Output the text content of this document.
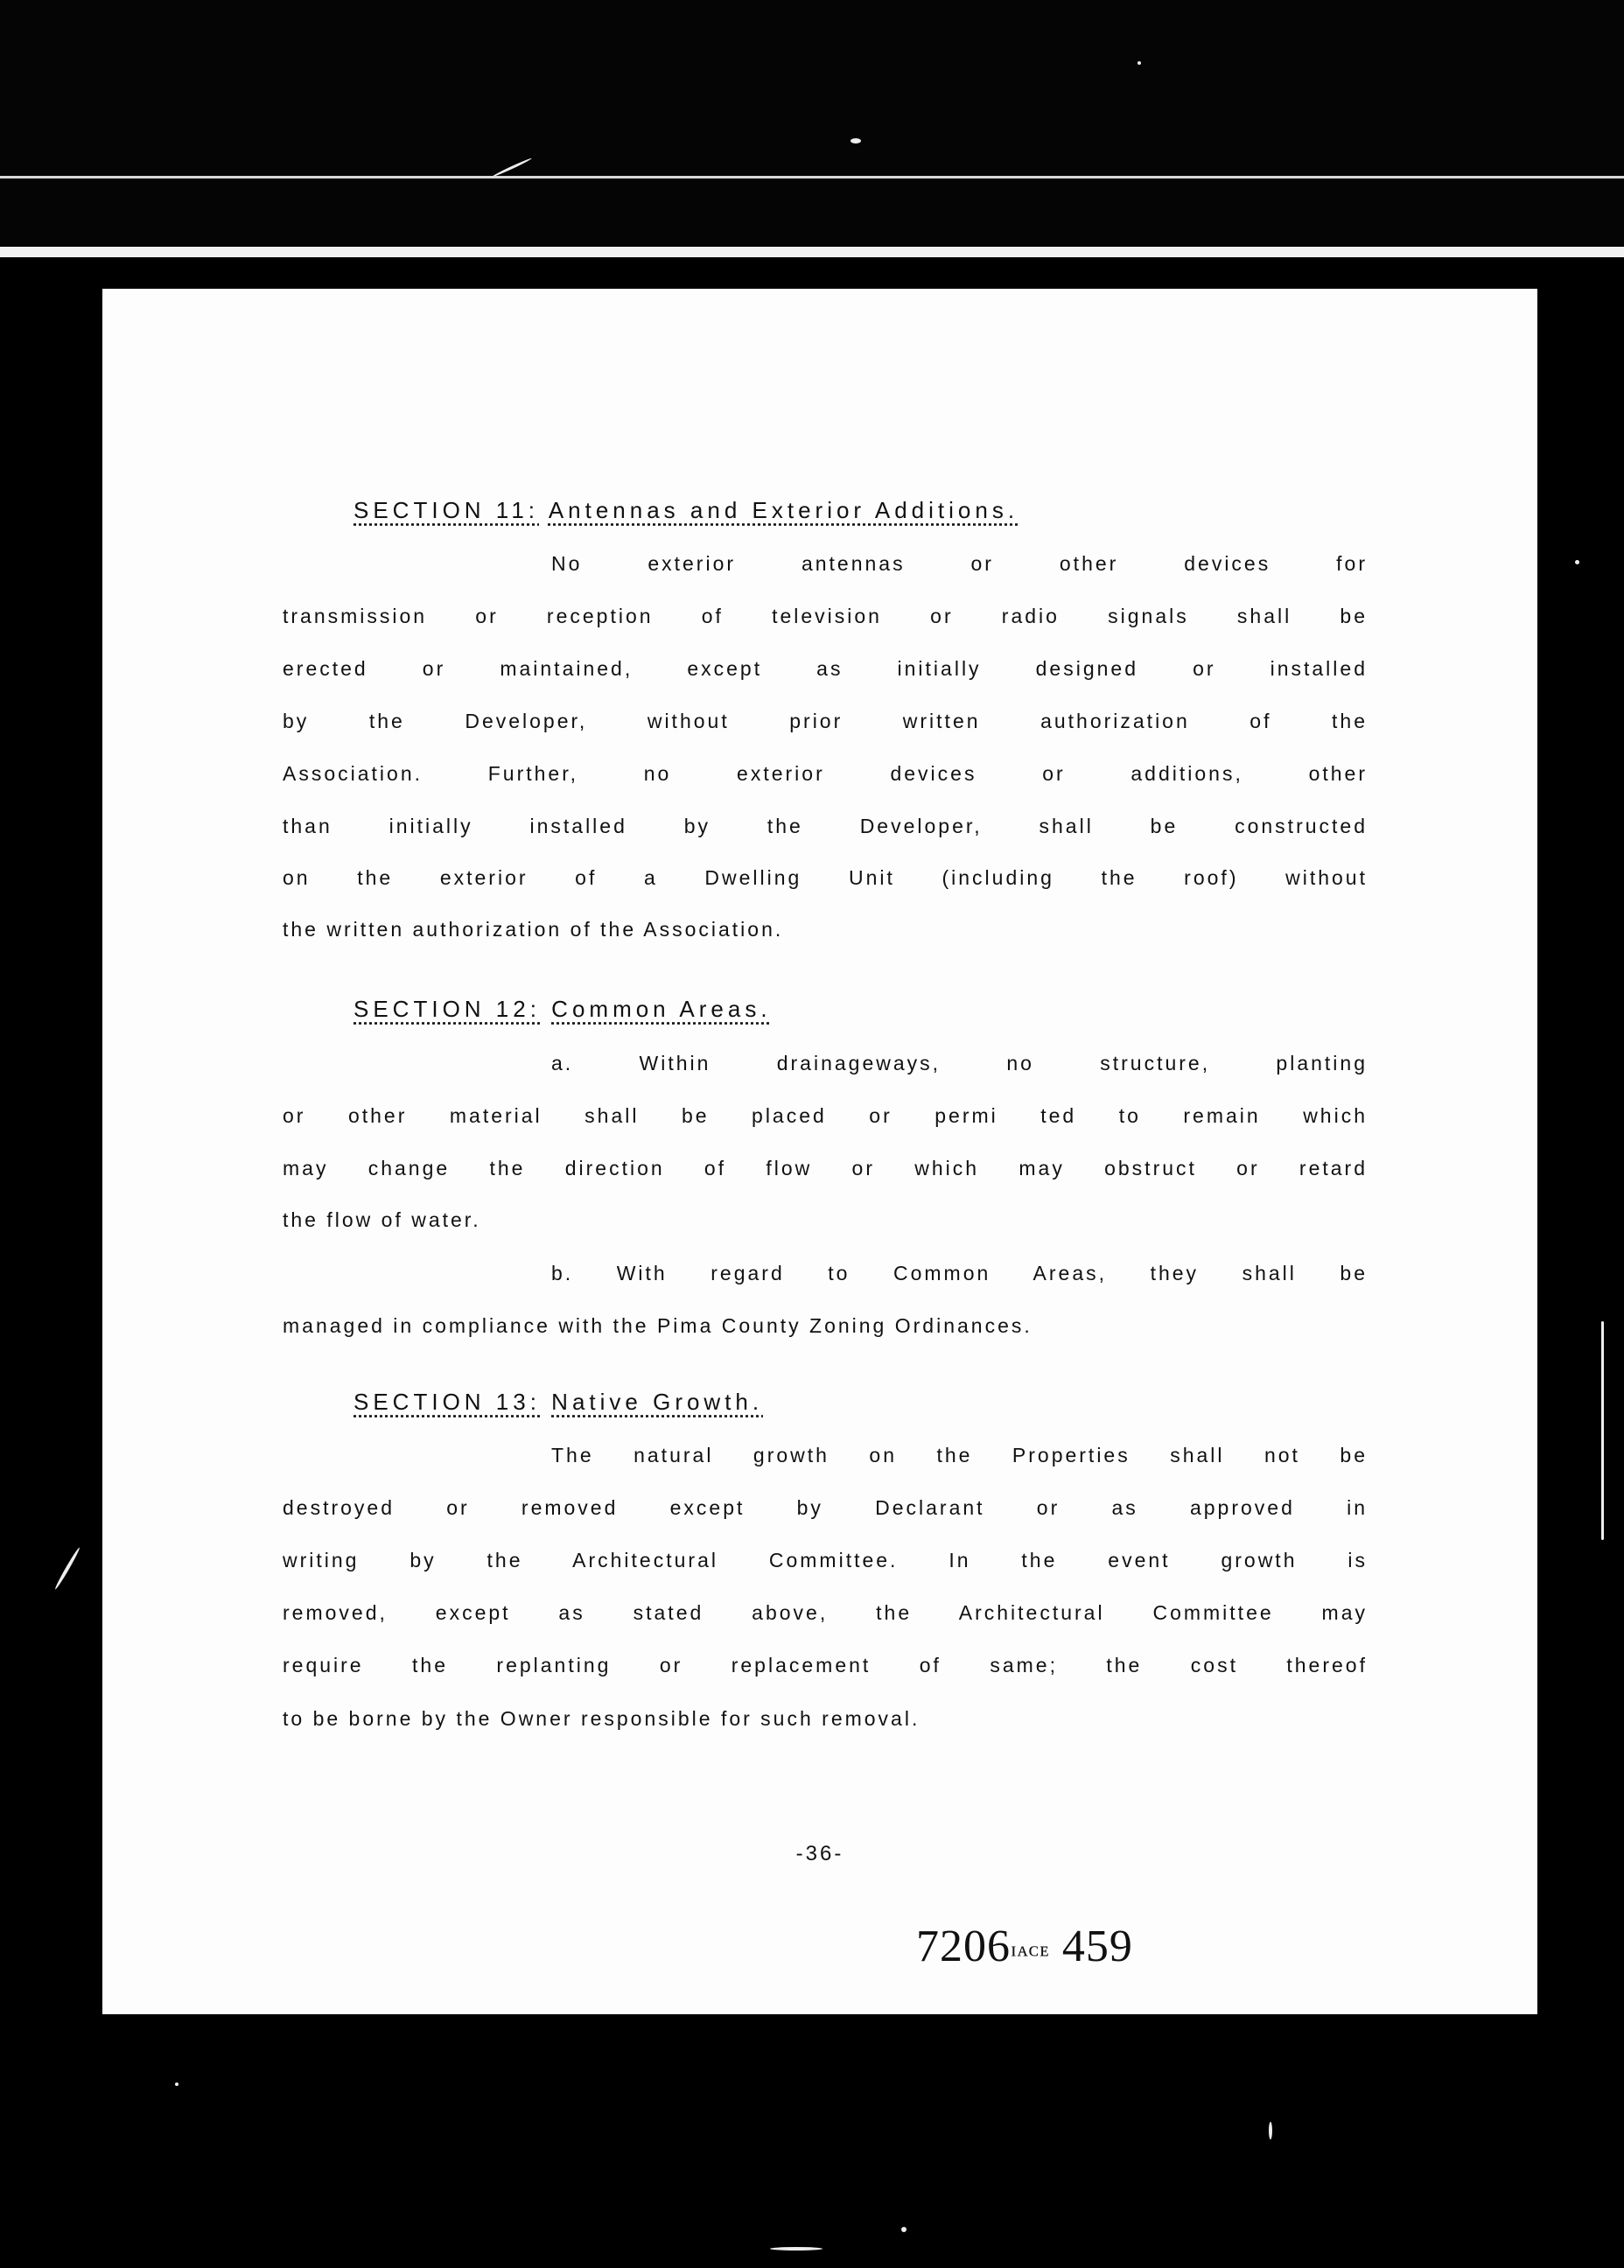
SECTION 11: Antennas and Exterior Additions.
No exterior antennas or other devices for
transmission or reception of television or radio signals shall be
erected or maintained, except as initially designed or installed
by the Developer, without prior written authorization of the
Association. Further, no exterior devices or additions, other
than initially installed by the Developer, shall be constructed
on the exterior of a Dwelling Unit (including the roof) without
the written authorization of the Association.
SECTION 12: Common Areas.
a. Within drainageways, no structure, planting
or other material shall be placed or permi ted to remain which
may change the direction of flow or which may obstruct or retard
the flow of water.
b. With regard to Common Areas, they shall be
managed in compliance with the Pima County Zoning Ordinances.
SECTION 13: Native Growth.
The natural growth on the Properties shall not be
destroyed or removed except by Declarant or as approved in
writing by the Architectural Committee. In the event growth is
removed, except as stated above, the Architectural Committee may
require the replanting or replacement of same; the cost thereof
to be borne by the Owner responsible for such removal.
-36-
7206ɪᴀᴄᴇ 459
